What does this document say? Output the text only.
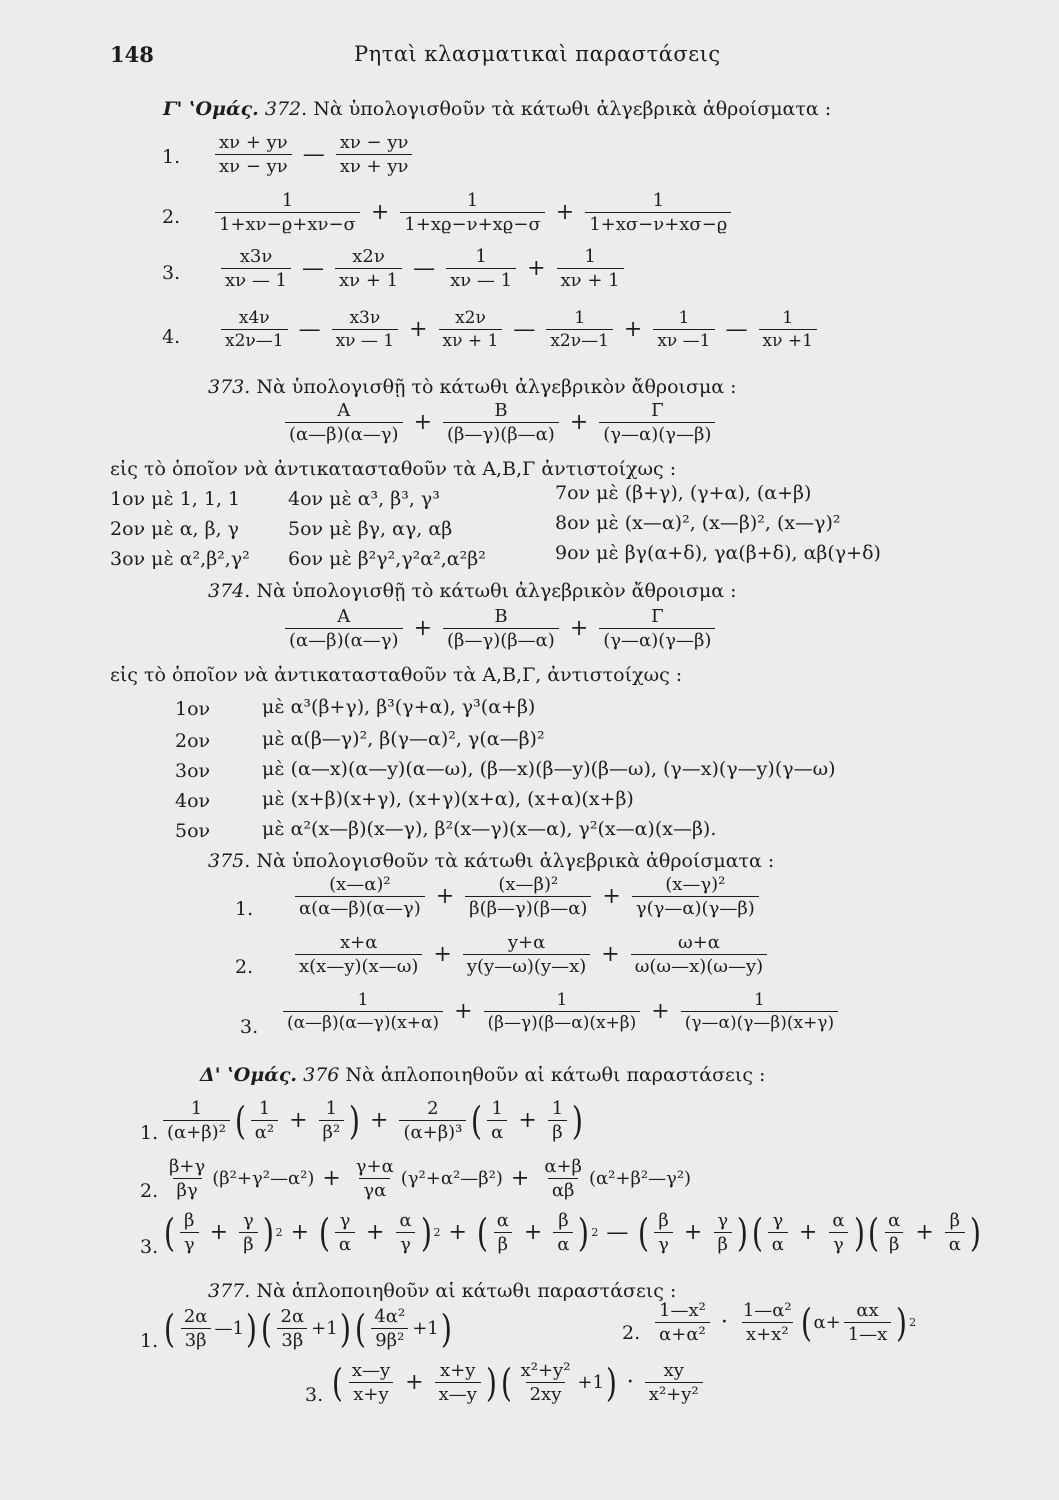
148	Ρηταὶ κλασματικαὶ παραστάσεις
Γ' ʽΟμάς. 372. Νὰ ὑπολογισθοῦν τὰ κάτωθι ἀλγεβρικὰ ἀθροίσματα :
1. $\frac{x\nu + y\nu}{x\nu - y\nu}$ — $\frac{x\nu - y\nu}{x\nu + y\nu}$
2. $\frac{1}{1+x\nu-ϱ+x\nu-\sigma} + \frac{1}{1+xϱ-\nu+xϱ-\sigma} + \frac{1}{1+x\sigma-\nu+x\sigma-ϱ}$
3. $\frac{x3\nu}{x\nu — 1}$ — $\frac{x2\nu}{x\nu + 1}$ — $\frac{1}{x\nu — 1} + \frac{1}{x\nu + 1}$
4. $\frac{x4\nu}{x2\nu—1}$ — $\frac{x3\nu}{x\nu — 1} + \frac{x2\nu}{x\nu + 1}$ — $\frac{1}{x2\nu—1} + \frac{1}{x\nu —1}$ — $\frac{1}{x\nu +1}$
373. Νὰ ὑπολογισθῇ τὸ κάτωθι ἀλγεβρικὸν ἄθροισμα :
$\frac{A}{(\alpha—\beta)(\alpha—\gamma)} + \frac{B}{(\beta—\gamma)(\beta—\alpha)} + \frac{\Gamma}{(\gamma—\alpha)(\gamma—\beta)}$
εἰς τὸ ὁποῖον νὰ ἀντικατασταθοῦν τὰ Α,Β,Γ ἀντιστοίχως :
1ον μὲ 1, 1, 1
2ον μὲ α, β, γ
3ον μὲ α²,β²,γ²
4ον μὲ α³, β³, γ³
5ον μὲ βγ, αγ, αβ
6ον μὲ β²γ²,γ²α²,α²β²
7ον μὲ (β+γ), (γ+α), (α+β)
8ον μὲ (x—α)², (x—β)², (x—γ)²
9ον μὲ βγ(α+δ), γα(β+δ), αβ(γ+δ)
374. Νὰ ὑπολογισθῇ τὸ κάτωθι ἀλγεβρικὸν ἄθροισμα :
$\frac{A}{(\alpha—\beta)(\alpha—\gamma)} + \frac{B}{(\beta—\gamma)(\beta—\alpha)} + \frac{\Gamma}{(\gamma—\alpha)(\gamma—\beta)}$
εἰς τὸ ὁποῖον νὰ ἀντικατασταθοῦν τὰ Α,Β,Γ, ἀντιστοίχως :
1ον	μὲ α³(β+γ), β³(γ+α), γ³(α+β)
2ον	μὲ α(β—γ)², β(γ—α)², γ(α—β)²
3ον	μὲ (α—x)(α—y)(α—ω), (β—x)(β—y)(β—ω), (γ—x)(γ—y)(γ—ω)
4ον	μὲ (x+β)(x+γ), (x+γ)(x+α), (x+α)(x+β)
5ον	μὲ α²(x—β)(x—γ), β²(x—γ)(x—α), γ²(x—α)(x—β).
375. Νὰ ὑπολογισθοῦν τὰ κάτωθι ἀλγεβρικὰ ἀθροίσματα :
1. $\frac{\text{(x—α)²}}{\alpha(\alpha—\beta)(\alpha—\gamma)} + \frac{\text{(x—β)²}}{\beta(\beta—\gamma)(\beta—\alpha)} + \frac{\text{(x—γ)²}}{\gamma(\gamma—\alpha)(\gamma—\beta)}$
2. $\frac{x+\alpha}{x(x—y)(x—\omega)} + \frac{y+\alpha}{y(y—\omega)(y—x)} + \frac{\omega+\alpha}{\omega(\omega—x)(\omega—y)}$
3. $\frac{1}{(\alpha—\beta)(\alpha—\gamma)(x+\alpha)} + \frac{1}{(\beta—\gamma)(\beta—\alpha)(x+\beta)} + \frac{1}{(\gamma—\alpha)(\gamma—\beta)(x+\gamma)}$
Δ' ʽΟμάς. 376 Νὰ ἁπλοποιηθοῦν αἱ κάτωθι παραστάσεις :
1. $\frac{1}{\text{(α+β)²}}$ ( $\frac{1}{\text{α²}} + \frac{1}{\text{β²}}$ ) + $\frac{2}{\text{(α+β)³}}$ ( $\frac{1}{\alpha} + \frac{1}{\beta}$ )
2. $\frac{\beta+\gamma}{\beta\gamma}$ (β²+γ²—α²) + $\frac{\gamma+\alpha}{\gamma\alpha}$ (γ²+α²—β²) + $\frac{\alpha+\beta}{\alpha\beta}$ (α²+β²—γ²)
3. ( $\frac{\beta}{\gamma} + \frac{\gamma}{\beta}$ ) 2 + ( $\frac{\gamma}{\alpha} + \frac{\alpha}{\gamma}$ ) 2 + ( $\frac{\alpha}{\beta} + \frac{\beta}{\alpha}$ ) 2 — ( $\frac{\beta}{\gamma} + \frac{\gamma}{\beta}$ ) ( $\frac{\gamma}{\alpha} + \frac{\alpha}{\gamma}$ ) ( $\frac{\alpha}{\beta} + \frac{\beta}{\alpha}$ )
377. Νὰ ἁπλοποιηθοῦν αἱ κάτωθι παραστάσεις :
1. ( $\frac{2\alpha}{3\beta}$ —1 ) ( $\frac{2\alpha}{3\beta} +1$ ) ( $\frac{\text{4α²}}{\text{9β²}} +1$ )	2. $\frac{\text{1—x²}}{\text{α+α²}} \cdot \frac{\text{1—α²}}{\text{x+x²}}$ ( $\alpha+ \frac{\alpha x}{1—x}$ ) 2
3. ( $\frac{x—y}{x+y} + \frac{x+y}{x—y}$ ) ( $\frac{\text{x²+y²}}{2xy} +1$ ) · $\frac{xy}{\text{x²+y²}}$
